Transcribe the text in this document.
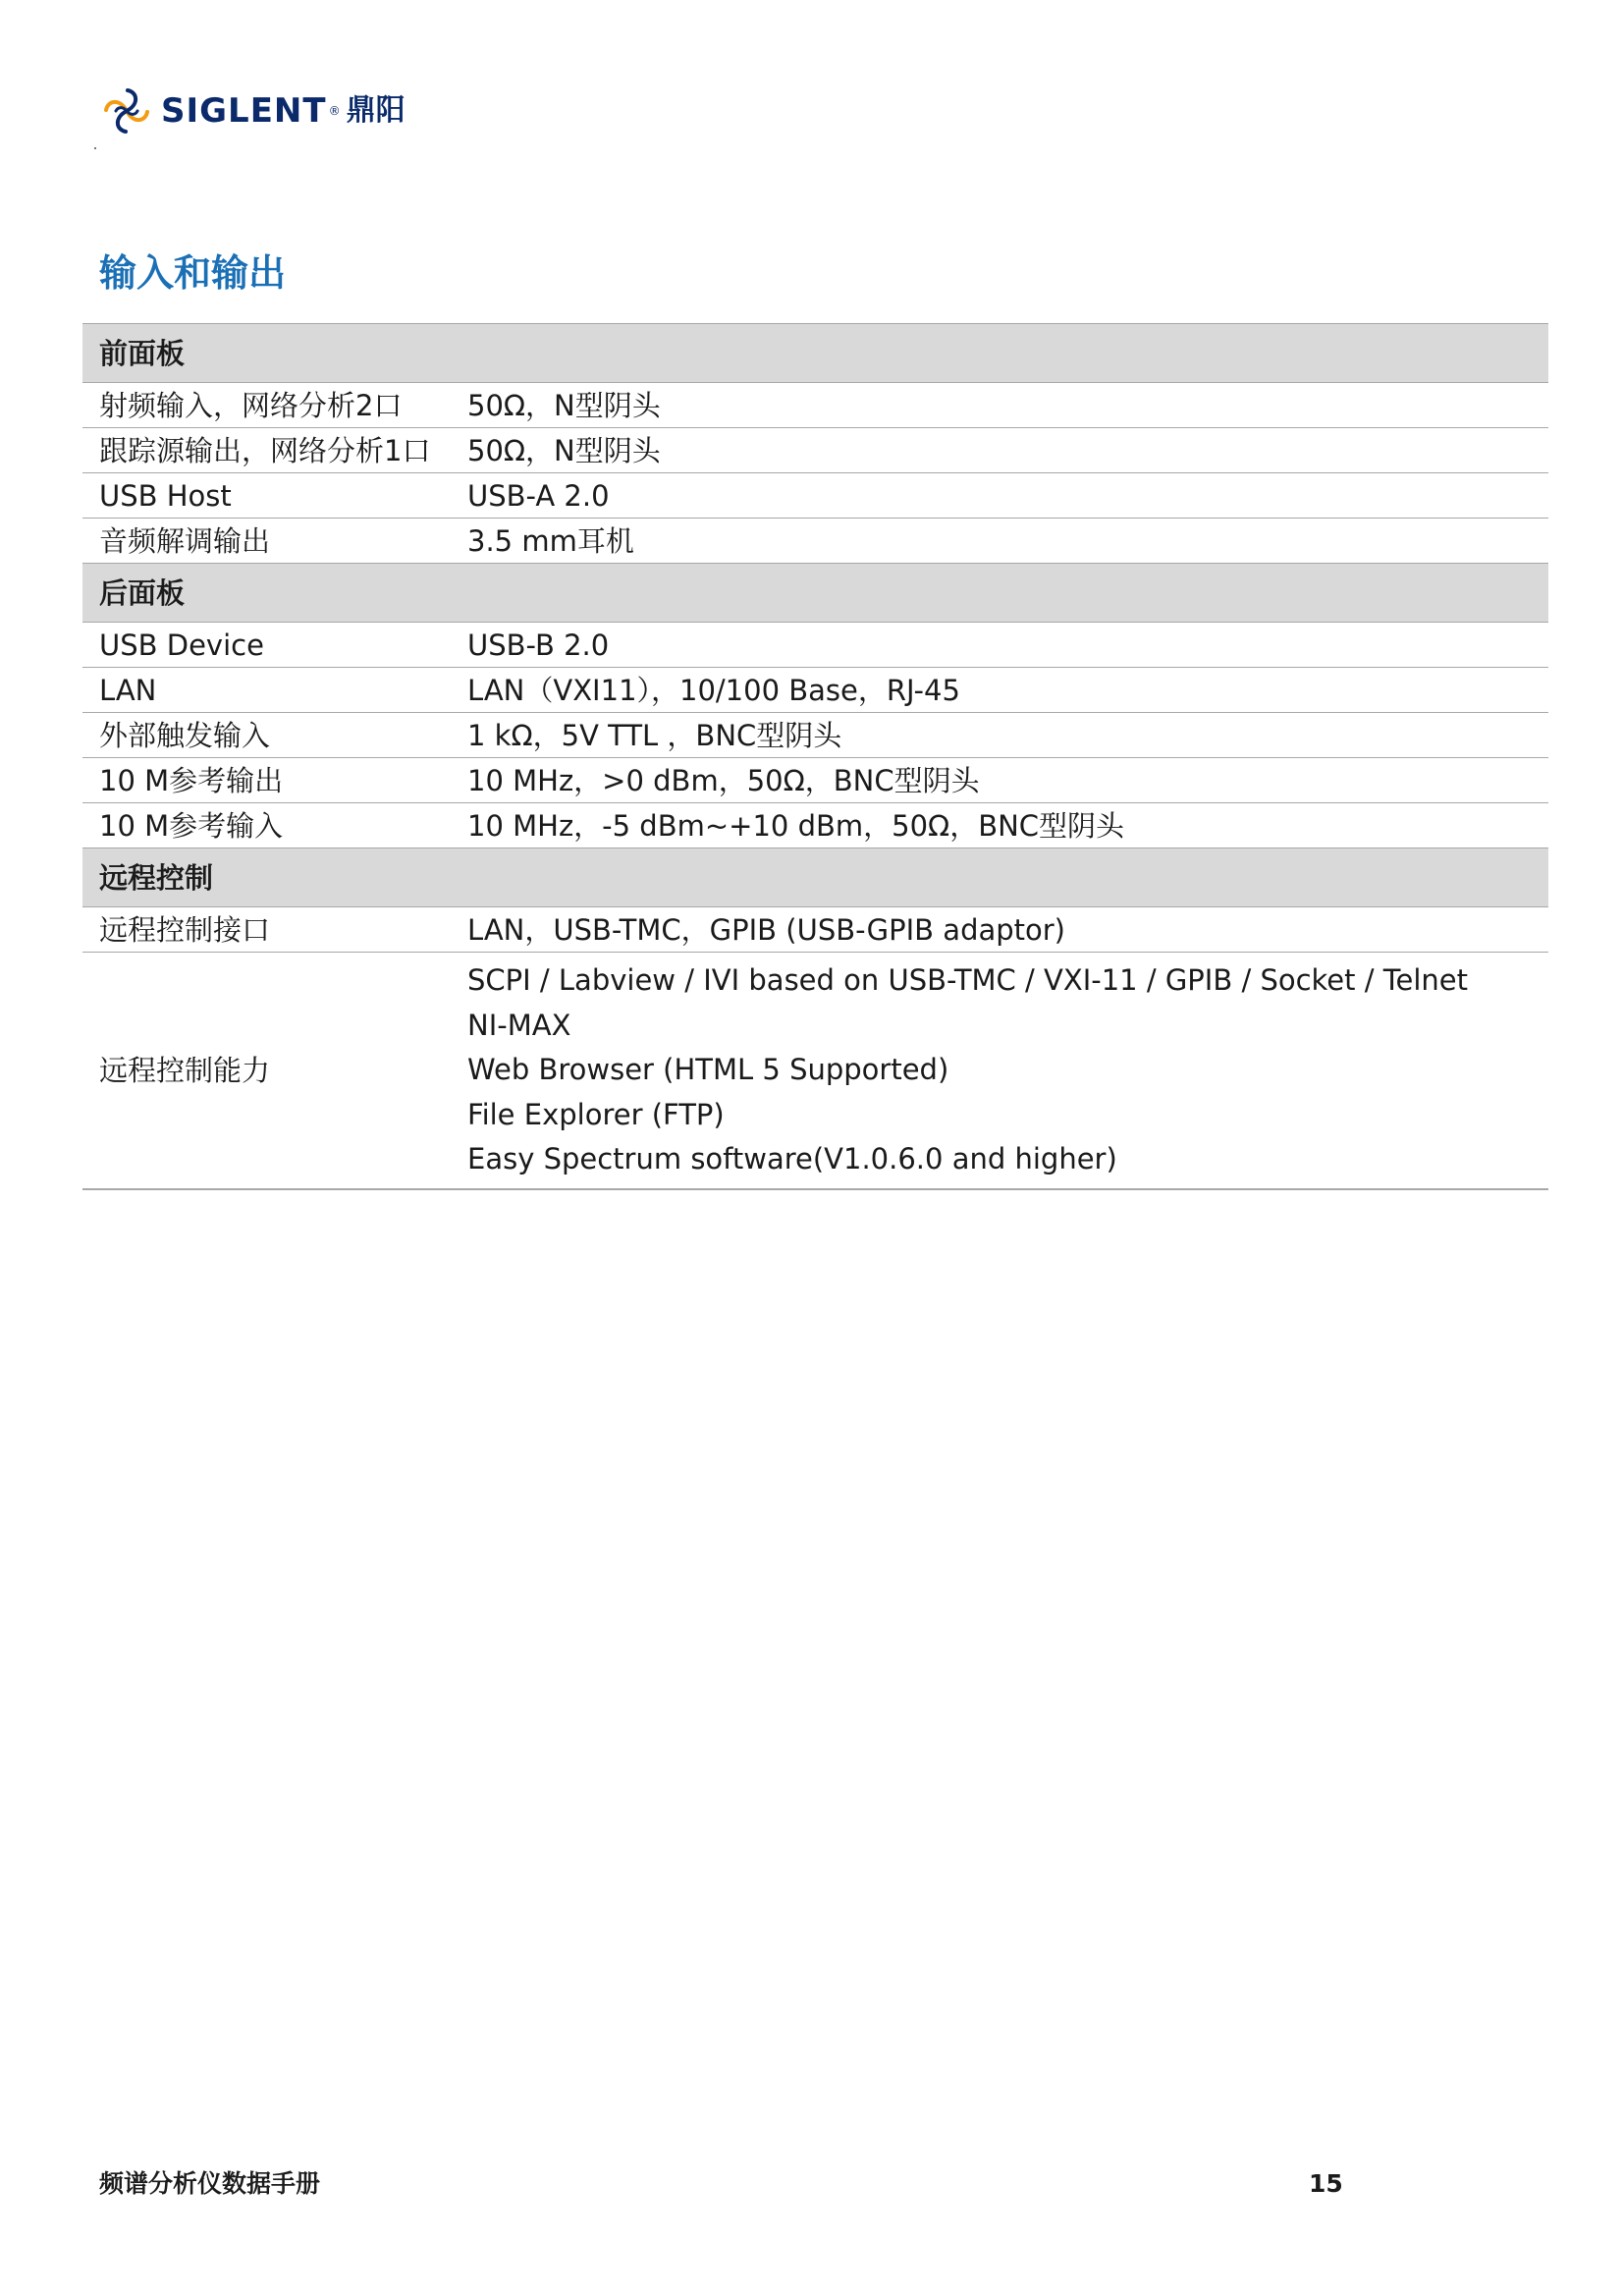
SIGLENT ® 鼎阳
输入和输出
前面板	
射频输入，网络分析2口	50Ω，N型阴头
跟踪源输出，网络分析1口	50Ω，N型阴头
USB Host	USB-A 2.0
音频解调输出	3.5 mm耳机
后面板	
USB Device	USB-B 2.0
LAN	LAN（VXI11），10/100 Base，RJ-45
外部触发输入	1 kΩ，5V TTL ，BNC型阴头
10 M参考输出	10 MHz，>0 dBm，50Ω，BNC型阴头
10 M参考输入	10 MHz，-5 dBm~+10 dBm，50Ω，BNC型阴头
远程控制	
远程控制接口	LAN，USB-TMC，GPIB (USB-GPIB adaptor)
远程控制能力	SCPI / Labview / IVI based on USB-TMC / VXI-11 / GPIB / Socket / Telnet
NI-MAX
Web Browser (HTML 5 Supported)
File Explorer (FTP)
Easy Spectrum software(V1.0.6.0 and higher)
频谱分析仪数据手册	15
